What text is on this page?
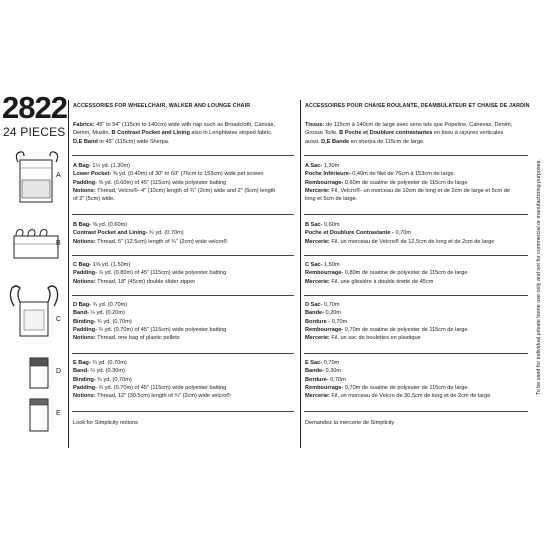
2822
24 PIECES
ACCESSORIES FOR WHEELCHAIR, WALKER AND LOUNGE CHAIR	ACCESSOIRES POUR CHAISE ROULANTE, DEAMBULATEUR ET CHAISE DE JARDIN
Fabrics: 45" to 54" (115cm to 140cm) wide with nap such as Broadcloth, Canvas,
Denim, Muslin. B Contrast Pocket and Lining also in Lenghtwise striped fabric.
D,E Band in 45" (115cm) wide Sherpa.
Tissus: de 115cm à 140cm de large avec sens tels que Popeline, Canevas, Denim,
Grosse Toile. B Poche et Doublure contrastantes en tissu à rayures verticales
aussi. D,E Bande en sherpa de 115cm de large.
A Bag- 1½ yd. (1.30m)
Lower Pocket- ⅜ yd. (0.40m) of 30" to 60" (76cm to 153cm) wide pet screen
Padding- ⅝ yd. (0.60m) of 45" (115cm) wide polyester batting
Notions: Thread, Velcro®- 4" (10cm) length of ¾" (2cm) wide and 2" (5cm) length
of 2" (5cm) wide.
B Bag- ⅝ yd. (0.60m)
Contrast Pocket and Lining- ¾ yd. (0.70m)
Notions: Thread, 5" (12.5cm) length of ¾" (2cm) wide velcro®
C Bag- 1⅝ yd. (1.50m)
Padding- ⅞ yd. (0.80m) of 45" (115cm) wide polyester batting
Notions: Thread, 18" (45cm) double slider zipper
D Bag- ¾ yd. (0.70m)
Band- ¼ yd. (0.20m)
Binding- ¾ yd. (0.70m)
Padding- ¾ yd. (0.70m) of 45" (115cm) wide polyester batting
Notions: Thread, one bag of plastic pellets
E Bag- ¾ yd. (0.70m)
Band- ¼ yd. (0.30m)
Binding- ¾ yd. (0.70m)
Padding- ¾ yd. (0.70m) of 45" (115cm) wide polyester batting
Notions: Thread, 12" (30.5cm) length of ¾" (2cm) wide velcro®
A Sac- 1,30m
Poche Inférieure- 0,40m de filet de 76cm à 153cm de large.
Rembourrage- 0,60m de ouatine de polyester de 115cm de large
Mercerie: Fil, Velcro®- un morceau de 10cm de long et de 2cm de large et 5cm de
long et 5cm de large.
B Sac- 0,60m
Poche et Doublure Contrastante - 0,70m
Mercerie: Fil, un morceau de Velcro® de 12,5cm de long et de 2cm de large
C Sac- 1,50m
Rembourrage- 0,80m de ouatine de polyester de 115cm de large
Mercerie: Fil, une glissière à double tirette de 45cm
D Sac- 0,70m
Bande- 0,20m
Bordure - 0,70m
Rembourrage- 0,70m de ouatine de polyester de 115cm de large
Mercerie: Fil, un sac de boulettes en plastique
E Sac- 0,70m
Bande- 0,30m
Bordure- 0,70m
Rembourrage- 0,70m de ouatine de polyester de 115cm de large
Mercerie: Fil, un morceau de Velcro de 30,5cm de long et de 2cm de large
Look for Simplicity notions	Demandez la mercerie de Simplicity
A
B
C
D
E
To be used for individual private home use only and not for commercial or manufacturing purposes.
